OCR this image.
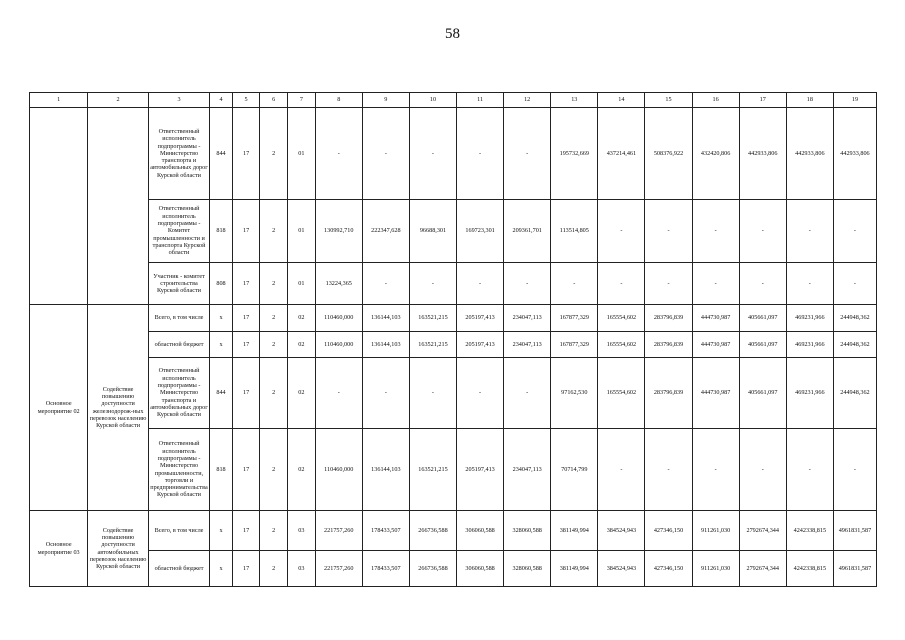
58
1	2	3	4	5	6	7	8	9	10	11	12	13	14	15	16	17	18	19
		Ответственный исполнитель подпрограммы - Министерство транспорта и автомобильных дорог Курской области	844	17	2	01	-	-	-	-	-	195732,669	437214,461	508376,922	432420,806	442933,806	442933,806	442933,806
		Ответственный исполнитель подпрограммы - Комитет промышленности и транспорта Курской области	818	17	2	01	130992,710	222347,628	96688,301	169723,301	209361,701	113514,805	-	-	-	-	-	-
		Участник - комитет строительства Курской области	808	17	2	01	13224,365	-	-	-	-	-	-	-	-	-	-	-
Основное мероприятие 02	Содействие повышению доступности железнодорож-ных перевозок населению Курской области	Всего, в том числе	х	17	2	02	110460,000	136144,103	163521,215	205197,413	234047,113	167877,329	165554,602	283796,839	444730,987	405661,097	469231,966	244948,362
		областной бюджет	х	17	2	02	110460,000	136144,103	163521,215	205197,413	234047,113	167877,329	165554,602	283796,839	444730,987	405661,097	469231,966	244948,362
		Ответственный исполнитель подпрограммы - Министерство транспорта и автомобильных дорог Курской области	844	17	2	02	-	-	-	-	-	97162,530	165554,602	283796,839	444730,987	405661,097	469231,966	244948,362
		Ответственный исполнитель подпрограммы - Министерство промышленности, торговли и предпринимательства Курской области	818	17	2	02	110460,000	136144,103	163521,215	205197,413	234047,113	70714,799	-	-	-	-	-	-
Основное мероприятие 03	Содействие повышению доступности автомобильных перевозок населению Курской области	Всего, в том числе	х	17	2	03	221757,260	178433,507	266736,588	306060,588	328060,588	381149,994	384524,943	427346,150	911261,030	2792674,344	4242338,815	4961831,587
		областной бюджет	х	17	2	03	221757,260	178433,507	266736,588	306060,588	328060,588	381149,994	384524,943	427346,150	911261,030	2792674,344	4242338,815	4961831,587
